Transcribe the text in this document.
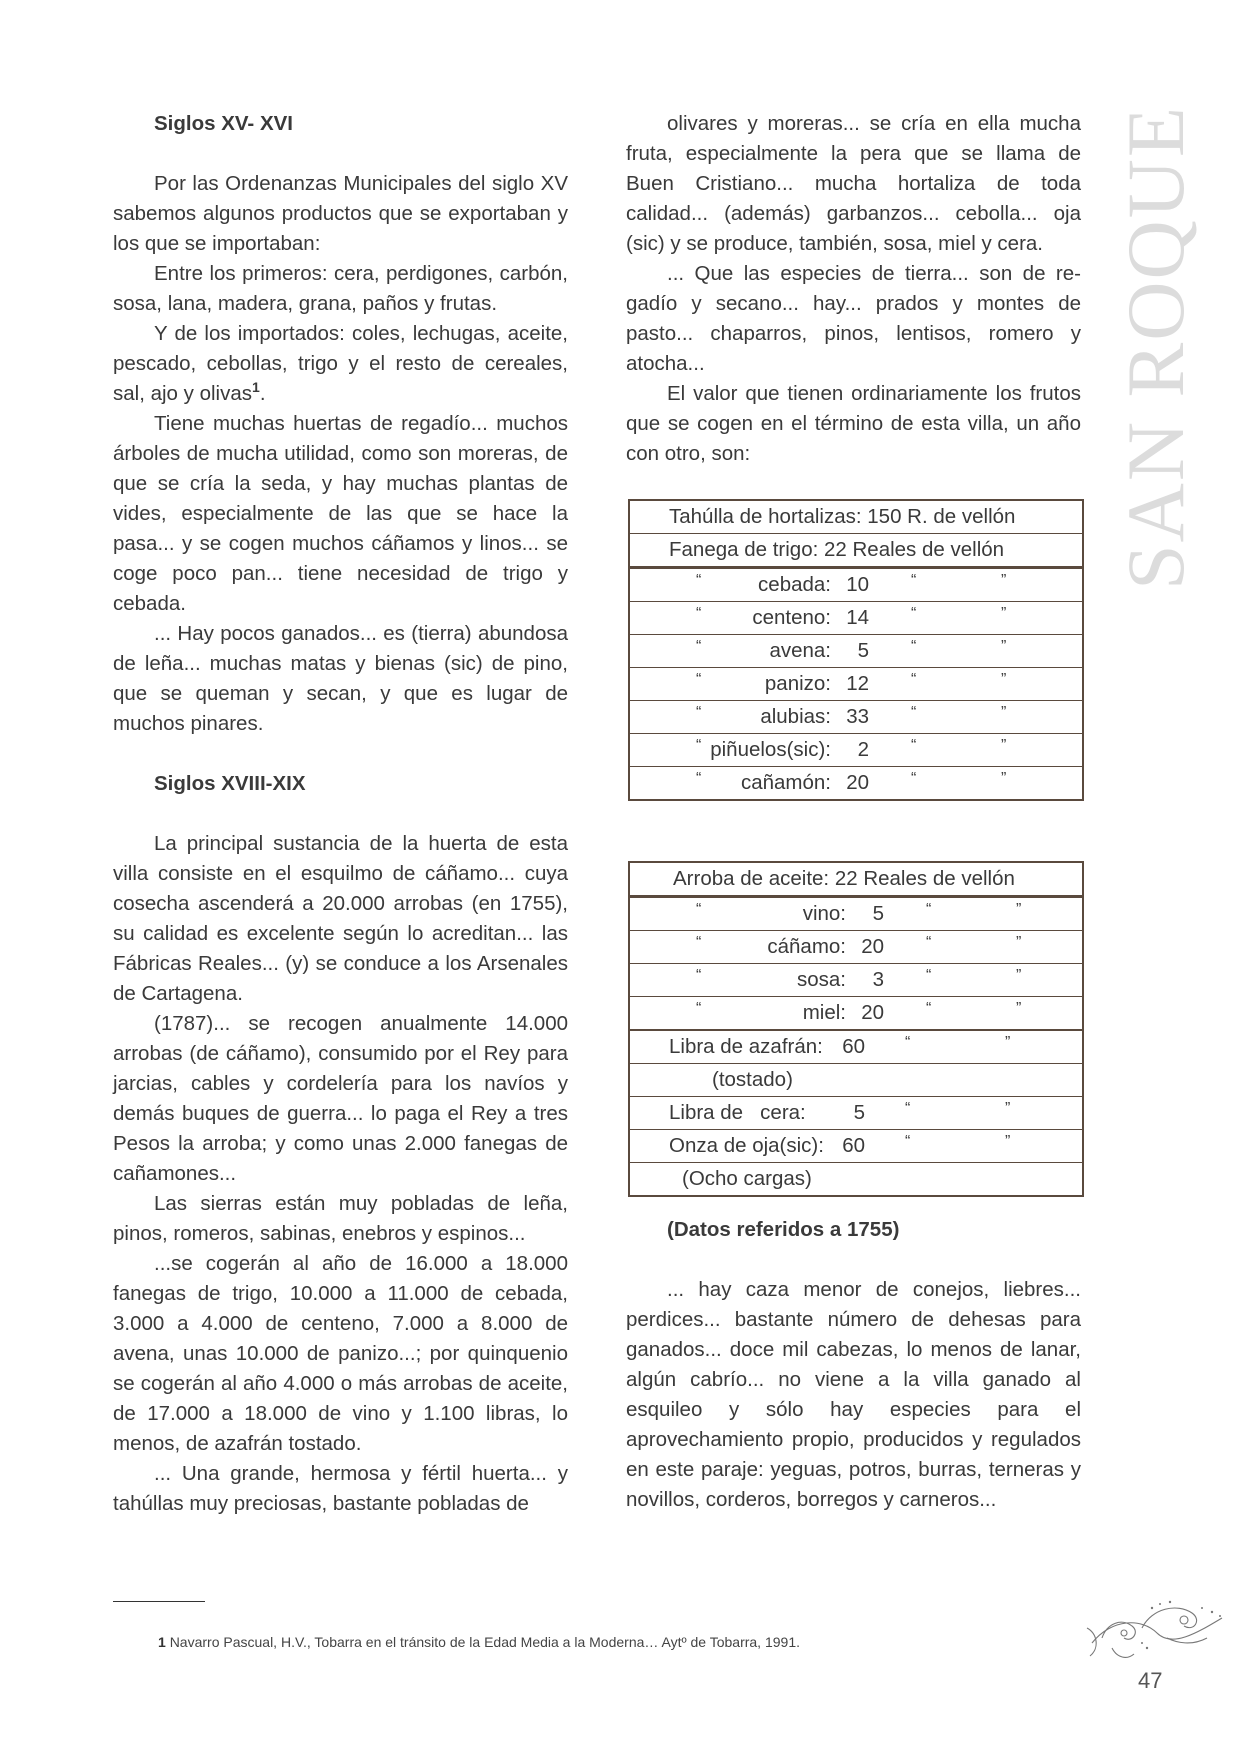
SAN ROQUE
Siglos XV- XVI

Por las Ordenanzas Municipales del siglo XV sabemos algunos productos que se exportaban y los que se importaban:

Entre los primeros: cera, perdigones, carbón, sosa, lana, madera, grana, paños y frutas.

Y de los importados: coles, lechugas, aceite, pescado, cebollas, trigo y el resto de cereales, sal, ajo y olivas$^1$.

Tiene muchas huertas de regadío... muchos árboles de mucha utilidad, como son moreras, de que se cría la seda, y hay muchas plantas de vides, especialmente de las que se hace la pasa... y se cogen muchos cáñamos y linos... se coge poco pan... tiene necesidad de trigo y cebada.

... Hay pocos ganados... es (tierra) abundosa de leña... muchas matas y bienas (sic) de pino, que se queman y secan, y que es lugar de muchos pinares.

Siglos XVIII-XIX

La principal sustancia de la huerta de esta villa consiste en el esquilmo de cáñamo... cuya cosecha ascenderá a 20.000 arrobas (en 1755), su calidad es excelente según lo acreditan... las Fábricas Reales... (y) se conduce a los Arsenales de Cartagena.

(1787)... se recogen anualmente 14.000 arrobas (de cáñamo), consumido por el Rey para jarcias, cables y cordelería para los navíos y demás buques de guerra... lo paga el Rey a tres Pesos la arroba; y como unas 2.000 fanegas de cañamones...

Las sierras están muy pobladas de leña, pinos, romeros, sabinas, enebros y espinos...

...se cogerán al año de 16.000 a 18.000 fanegas de trigo, 10.000 a 11.000 de cebada, 3.000 a 4.000 de centeno, 7.000 a 8.000 de avena, unas 10.000 de panizo...; por quinquenio se cogerán al año 4.000 o más arrobas de aceite, de 17.000 a 18.000 de vino y 1.100 libras, lo menos, de azafrán tostado.

... Una grande, hermosa y fértil huerta... y tahúllas muy preciosas, bastante pobladas de

olivares y moreras... se cría en ella mucha fruta, especialmente la pera que se llama de Buen Cristiano... mucha hortaliza de toda calidad... (además) garbanzos... cebolla... oja (sic) y se produce, también, sosa, miel y cera.

... Que las especies de tierra... son de regadío y secano... hay... prados y montes de pasto... chaparros, pinos, lentisos, romero y atocha...

El valor que tienen ordinariamente los frutos que se cogen en el término de esta villa, un año con otro, son:

Tahúlla de hortalizas: 150 R. de vellón
Fanega de trigo: 22 Reales de vellón
“	cebada: 10	“	”
“ centeno: 14	“	”
“	avena: 5	“	”
“	panizo: 12	“	”
“	alubias: 33	“	”
“ piñuelos(sic): 2	“	”
“ cañamón: 20	“	”
Arroba de aceite: 22 Reales de vellón
“	vino: 5	“	”
“	cáñamo: 20	“	”
“	sosa: 3	“	”
“	miel: 20	“	”
Libra de azafrán: 60	“	”
(tostado)
Libra de   cera: 5	“	”
Onza de oja(sic): 60	“	”
(Ocho cargas)
(Datos referidos a 1755)

... hay caza menor de conejos, liebres... perdices... bastante número de dehesas para ganados... doce mil cabezas, lo menos de lanar, algún cabrío... no viene a la villa ganado al esquileo y sólo hay especies para el aprovechamiento propio, producidos y regulados en este paraje: yeguas, potros, burras, terneras y novillos, corderos, borregos y carneros...

1 Navarro Pascual, H.V., Tobarra en el tránsito de la Edad Media a la Moderna… Aytº de Tobarra, 1991.
47
